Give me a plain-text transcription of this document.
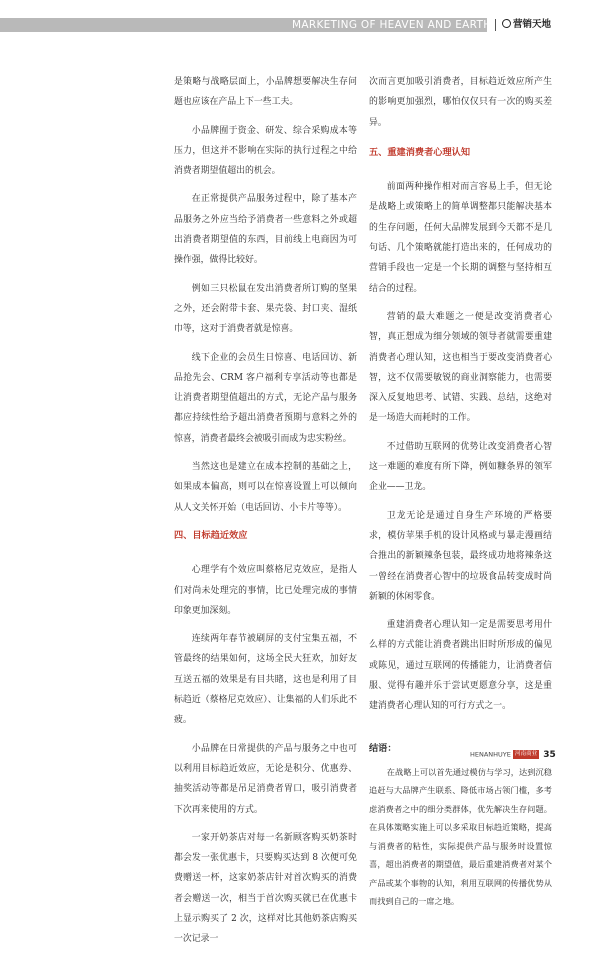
MARKETING OF HEAVEN AND EARTH	营销天地

是策略与战略层面上，小品牌想要解决生存问题也应该在产品上下一些工夫。

小品牌囿于资金、研发、综合采购成本等压力，但这并不影响在实际的执行过程之中给消费者期望值超出的机会。

在正常提供产品服务过程中，除了基本产品服务之外应当给予消费者一些意料之外或超出消费者期望值的东西，目前线上电商因为可操作强，做得比较好。

例如三只松鼠在发出消费者所订购的坚果之外，还会附带卡套、果壳袋、封口夹、湿纸巾等，这对于消费者就是惊喜。

线下企业的会员生日惊喜、电话回访、新品抢先会、CRM 客户福利专享活动等也都是让消费者期望值超出的方式，无论产品与服务都应持续性给予超出消费者预期与意料之外的惊喜，消费者最终会被吸引而成为忠实粉丝。

当然这也是建立在成本控制的基础之上，如果成本偏高，则可以在惊喜设置上可以倾向从人文关怀开始（电话回访、小卡片等等）。

四、目标趋近效应

心理学有个效应叫蔡格尼克效应，是指人们对尚未处理完的事情，比已处理完成的事情印象更加深刻。

连续两年春节被刷屏的支付宝集五福，不管最终的结果如何，这场全民大狂欢，加好友互送五福的效果是有目共睹，这也是利用了目标趋近（蔡格尼克效应）、让集福的人们乐此不疲。

小品牌在日常提供的产品与服务之中也可以利用目标趋近效应，无论是积分、优惠券、抽奖活动等都是吊足消费者胃口，吸引消费者下次再来使用的方式。

一家开奶茶店对每一名新顾客购买奶茶时都会发一张优惠卡，只要购买达到 8 次便可免费赠送一杯，这家奶茶店针对首次购买的消费者会赠送一次，相当于首次购买就已在优惠卡上显示购买了 2 次，这样对比其他奶茶店购买一次记录一

次而言更加吸引消费者，目标趋近效应所产生的影响更加强烈，哪怕仅仅只有一次的购买差异。

五、重建消费者心理认知

前面两种操作相对而言容易上手，但无论是战略上或策略上的简单调整都只能解决基本的生存问题，任何大品牌发展到今天都不是几句话、几个策略就能打造出来的，任何成功的营销手段也一定是一个长期的调整与坚持相互结合的过程。

营销的最大难题之一便是改变消费者心智，真正想成为细分领域的领导者就需要重建消费者心理认知，这也相当于要改变消费者心智，这不仅需要敏锐的商业洞察能力，也需要深入反复地思考、试错、实践、总结，这绝对是一场造大而耗时的工作。

不过借助互联网的优势让改变消费者心智这一难题的难度有所下降，例如糠条界的领军企业——卫龙。

卫龙无论是通过自身生产环境的严格要求，模仿苹果手机的设计风格或与暴走漫画结合推出的新颖辣条包装，最终成功地将辣条这一曾经在消费者心智中的垃圾食品转变成时尚新颖的休闲零食。

重建消费者心理认知一定是需要思考用什么样的方式能让消费者跳出旧时所形成的偏见或陈见，通过互联网的传播能力，让消费者信服、觉得有趣并乐于尝试更愿意分享，这是重建消费者心理认知的可行方式之一。

结语：

在战略上可以首先通过模仿与学习，达到沉稳追赶与大品牌产生联系、降低市场占领门槛，多考虑消费者之中的细分类群体，优先解决生存问题。在具体策略实施上可以多采取目标趋近策略，提高与消费者的粘性，实际提供产品与服务时设置惊喜，超出消费者的期望值，最后重建消费者对某个产品或某个事物的认知，利用互联网的传播优势从而找到自己的一席之地。

HENANHUYE 河南商业 35
